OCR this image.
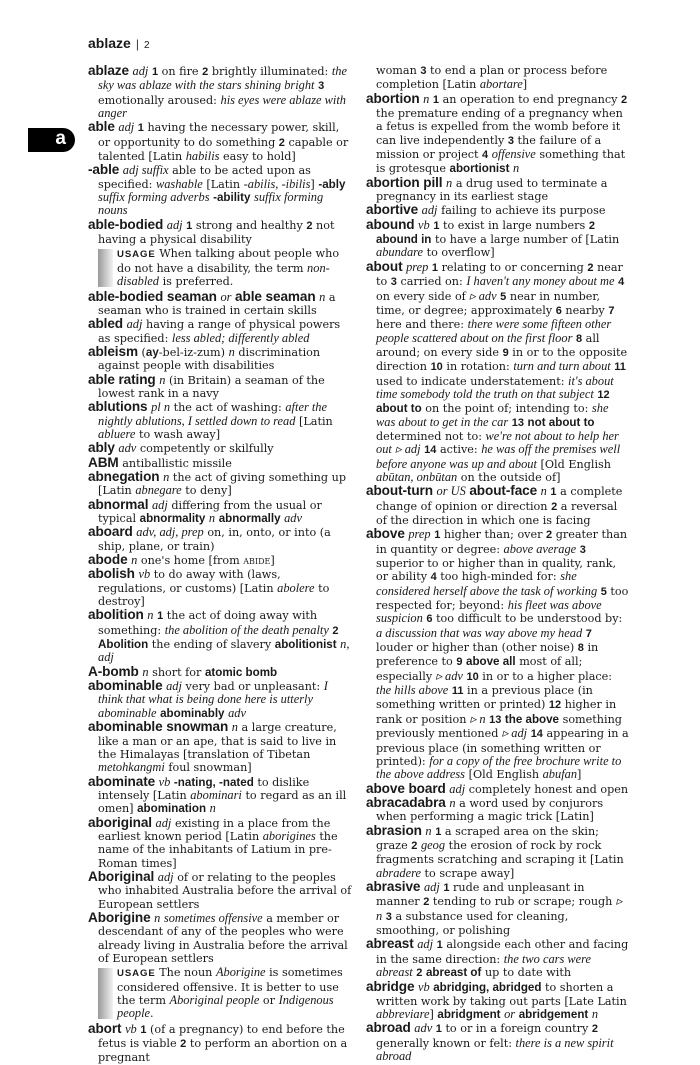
ablaze | 2
a
ablaze adj 1 on fire 2 brightly illuminated: the sky was ablaze with the stars shining bright 3 emotionally aroused: his eyes were ablaze with anger
able adj 1 having the necessary power, skill, or opportunity to do something 2 capable or talented [Latin habilis easy to hold]
-able adj suffix able to be acted upon as specified: washable [Latin -abilis, -ibilis] -ably suffix forming adverbs -ability suffix forming nouns
able-bodied adj 1 strong and healthy 2 not having a physical disability
USAGE When talking about people who do not have a disability, the term non-disabled is preferred.
able-bodied seaman or able seaman n a seaman who is trained in certain skills
abled adj having a range of physical powers as specified: less abled; differently abled
ableism (ay-bel-iz-zum) n discrimination against people with disabilities
able rating n (in Britain) a seaman of the lowest rank in a navy
ablutions pl n the act of washing: after the nightly ablutions, I settled down to read [Latin abluere to wash away]
ably adv competently or skilfully
ABM antiballistic missile
abnegation n the act of giving something up [Latin abnegare to deny]
abnormal adj differing from the usual or typical abnormality n abnormally adv
aboard adv, adj, prep on, in, onto, or into (a ship, plane, or train)
abode n one's home [from abide]
abolish vb to do away with (laws, regulations, or customs) [Latin abolere to destroy]
abolition n 1 the act of doing away with something: the abolition of the death penalty 2 Abolition the ending of slavery abolitionist n, adj
A-bomb n short for atomic bomb
abominable adj very bad or unpleasant: I think that what is being done here is utterly abominable abominably adv
abominable snowman n a large creature, like a man or an ape, that is said to live in the Himalayas [translation of Tibetan metohkangmi foul snowman]
abominate vb -nating, -nated to dislike intensely [Latin abominari to regard as an ill omen] abomination n
aboriginal adj existing in a place from the earliest known period [Latin aborigines the name of the inhabitants of Latium in pre-Roman times]
Aboriginal adj of or relating to the peoples who inhabited Australia before the arrival of European settlers
Aborigine n sometimes offensive a member or descendant of any of the peoples who were already living in Australia before the arrival of European settlers
USAGE The noun Aborigine is sometimes considered offensive. It is better to use the term Aboriginal people or Indigenous people.
abort vb 1 (of a pregnancy) to end before the fetus is viable 2 to perform an abortion on a pregnant
woman 3 to end a plan or process before completion [Latin abortare]
abortion n 1 an operation to end pregnancy 2 the premature ending of a pregnancy when a fetus is expelled from the womb before it can live independently 3 the failure of a mission or project 4 offensive something that is grotesque abortionist n
abortion pill n a drug used to terminate a pregnancy in its earliest stage
abortive adj failing to achieve its purpose
abound vb 1 to exist in large numbers 2 abound in to have a large number of [Latin abundare to overflow]
about prep 1 relating to or concerning 2 near to 3 carried on: I haven't any money about me 4 on every side of ▹ adv 5 near in number, time, or degree; approximately 6 nearby 7 here and there: there were some fifteen other people scattered about on the first floor 8 all around; on every side 9 in or to the opposite direction 10 in rotation: turn and turn about 11 used to indicate understatement: it's about time somebody told the truth on that subject 12 about to on the point of; intending to: she was about to get in the car 13 not about to determined not to: we're not about to help her out ▹ adj 14 active: he was off the premises well before anyone was up and about [Old English abūtan, onbūtan on the outside of]
about-turn or US about-face n 1 a complete change of opinion or direction 2 a reversal of the direction in which one is facing
above prep 1 higher than; over 2 greater than in quantity or degree: above average 3 superior to or higher than in quality, rank, or ability 4 too high-minded for: she considered herself above the task of working 5 too respected for; beyond: his fleet was above suspicion 6 too difficult to be understood by: a discussion that was way above my head 7 louder or higher than (other noise) 8 in preference to 9 above all most of all; especially ▹ adv 10 in or to a higher place: the hills above 11 in a previous place (in something written or printed) 12 higher in rank or position ▹ n 13 the above something previously mentioned ▹ adj 14 appearing in a previous place (in something written or printed): for a copy of the free brochure write to the above address [Old English abufan]
above board adj completely honest and open
abracadabra n a word used by conjurors when performing a magic trick [Latin]
abrasion n 1 a scraped area on the skin; graze 2 geog the erosion of rock by rock fragments scratching and scraping it [Latin abradere to scrape away]
abrasive adj 1 rude and unpleasant in manner 2 tending to rub or scrape; rough ▹ n 3 a substance used for cleaning, smoothing, or polishing
abreast adj 1 alongside each other and facing in the same direction: the two cars were abreast 2 abreast of up to date with
abridge vb abridging, abridged to shorten a written work by taking out parts [Late Latin abbreviare] abridgment or abridgement n
abroad adv 1 to or in a foreign country 2 generally known or felt: there is a new spirit abroad
